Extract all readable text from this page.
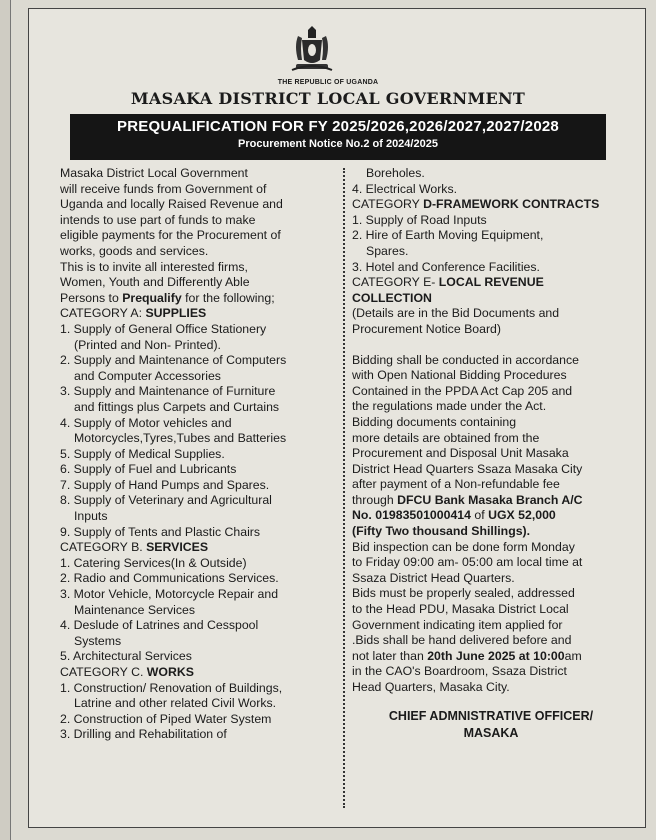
THE REPUBLIC OF UGANDA
MASAKA DISTRICT LOCAL GOVERNMENT
PREQUALIFICATION FOR FY 2025/2026,2026/2027,2027/2028
Procurement Notice No.2 of 2024/2025
Masaka District Local Government
will receive funds from Government of
Uganda and locally Raised Revenue and
intends to use part of funds to make
eligible payments for the Procurement of
works, goods and services.
This is to invite all interested firms,
Women, Youth and Differently Able
Persons to Prequalify for the following;
CATEGORY A: SUPPLIES
1. Supply of General Office Stationery
(Printed and Non- Printed).
2. Supply and Maintenance of Computers
and Computer Accessories
3. Supply and Maintenance of Furniture
and fittings plus Carpets and Curtains
4. Supply of Motor vehicles and
Motorcycles,Tyres,Tubes and Batteries
5. Supply of Medical Supplies.
6. Supply of Fuel and Lubricants
7. Supply of Hand Pumps and Spares.
8. Supply of Veterinary and Agricultural
Inputs
9. Supply of Tents and Plastic Chairs
CATEGORY B. SERVICES
1. Catering Services(In & Outside)
2. Radio and Communications Services.
3. Motor Vehicle, Motorcycle Repair and
Maintenance Services
4. Deslude of Latrines and Cesspool
Systems
5. Architectural Services
CATEGORY C. WORKS
1. Construction/ Renovation of Buildings,
Latrine and other related Civil Works.
2. Construction of Piped Water System
3. Drilling and Rehabilitation of
Boreholes.
4. Electrical Works.
CATEGORY D-FRAMEWORK CONTRACTS
1. Supply of Road Inputs
2. Hire of Earth Moving Equipment,
Spares.
3. Hotel and Conference Facilities.
CATEGORY E- LOCAL REVENUE
COLLECTION
(Details are in the Bid Documents and
Procurement Notice Board)
Bidding shall be conducted in accordance
with Open National Bidding Procedures
Contained in the PPDA Act Cap 205 and
the regulations made under the Act.
Bidding documents containing
more details are obtained from the
Procurement and Disposal Unit Masaka
District Head Quarters Ssaza Masaka City
after payment of a Non-refundable fee
through DFCU Bank Masaka Branch A/C
No. 01983501000414 of UGX 52,000
(Fifty Two thousand Shillings).
Bid inspection can be done form Monday
to Friday 09:00 am- 05:00 am local time at
Ssaza District Head Quarters.
Bids must be properly sealed, addressed
to the Head PDU, Masaka District Local
Government indicating item applied for
.Bids shall be hand delivered before and
not later than 20th June 2025 at 10:00am
in the CAO's Boardroom, Ssaza District
Head Quarters, Masaka City.
CHIEF ADMNISTRATIVE OFFICER/
MASAKA
